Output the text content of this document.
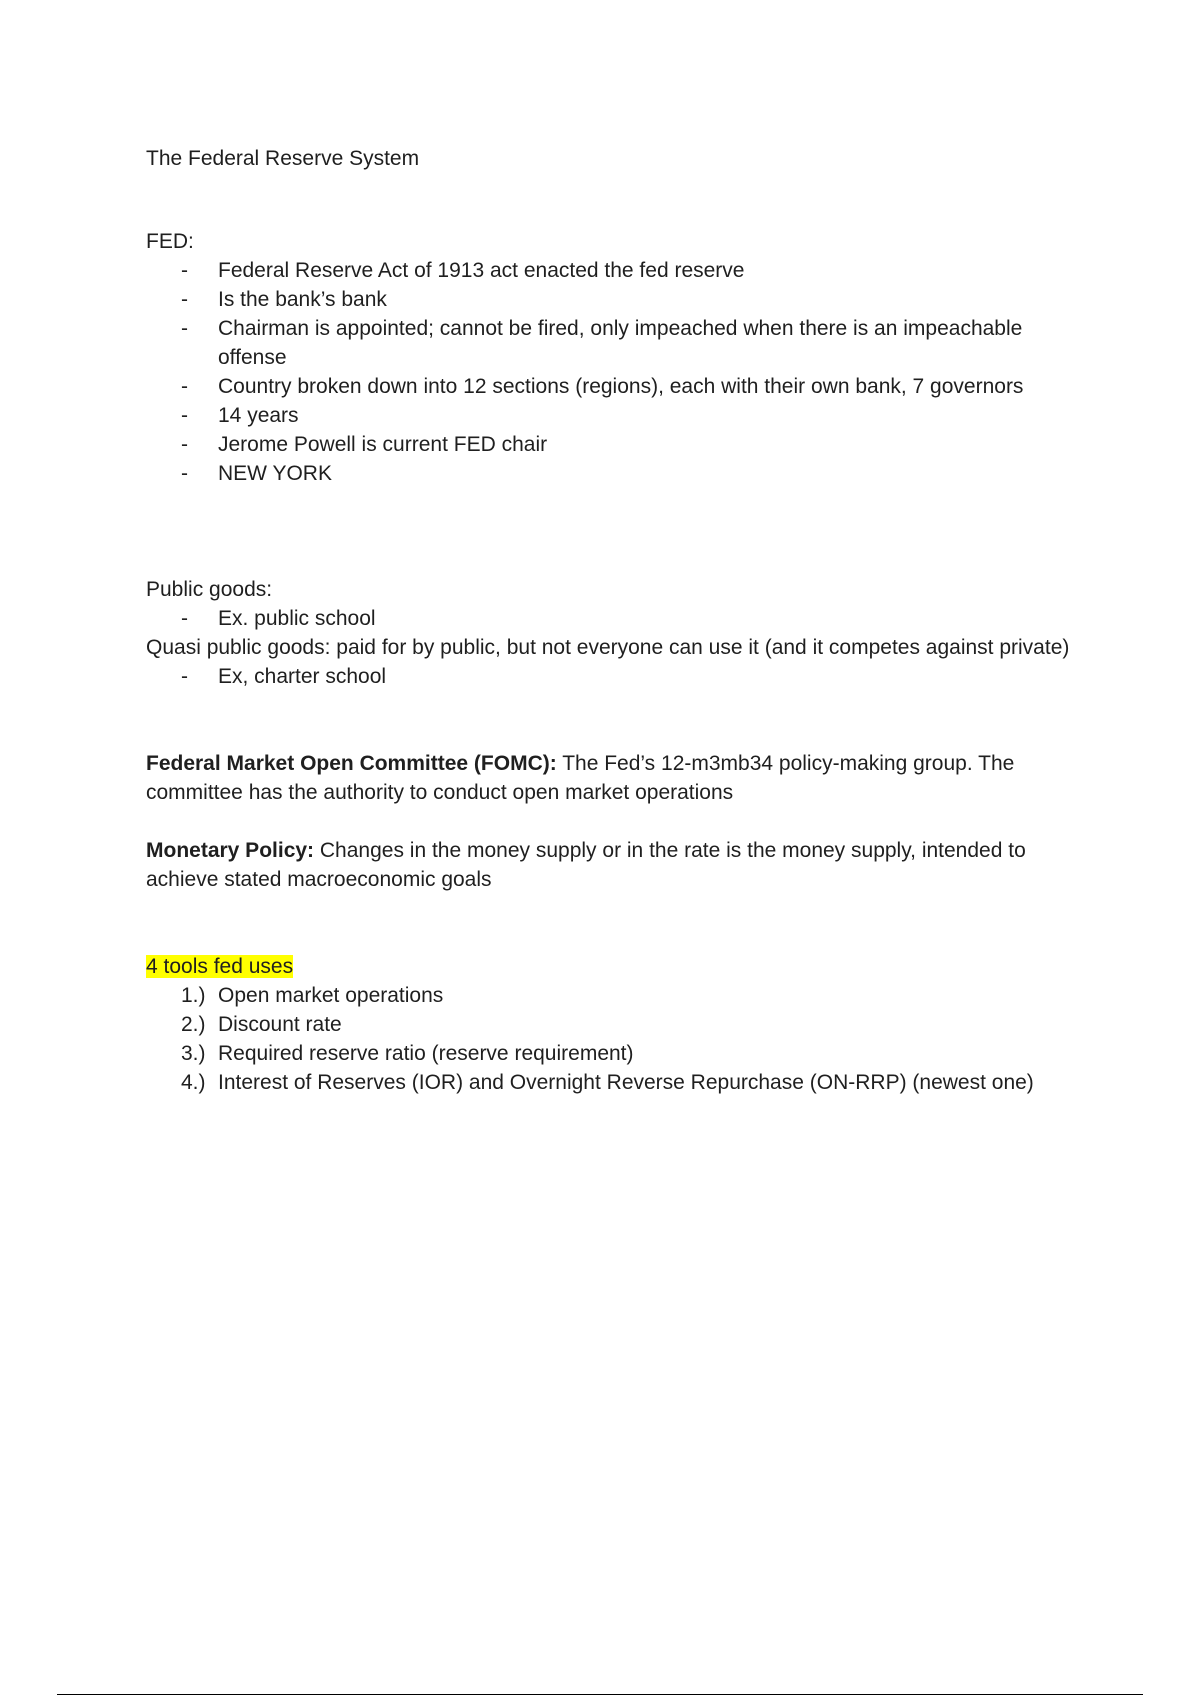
The Federal Reserve System

FED:

- Federal Reserve Act of 1913 act enacted the fed reserve
- Is the bank’s bank
- Chairman is appointed; cannot be fired, only impeached when there is an impeachable offense
- Country broken down into 12 sections (regions), each with their own bank, 7 governors
- 14 years
- Jerome Powell is current FED chair
- NEW YORK

Public goods:

- Ex. public school

Quasi public goods: paid for by public, but not everyone can use it (and it competes against private)

- Ex, charter school

Federal Market Open Committee (FOMC): The Fed’s 12-m3mb34 policy-making group. The committee has the authority to conduct open market operations

Monetary Policy: Changes in the money supply or in the rate is the money supply, intended to achieve stated macroeconomic goals

4 tools fed uses

1.) Open market operations
2.) Discount rate
3.) Required reserve ratio (reserve requirement)
4.) Interest of Reserves (IOR) and Overnight Reverse Repurchase (ON-RRP) (newest one)
